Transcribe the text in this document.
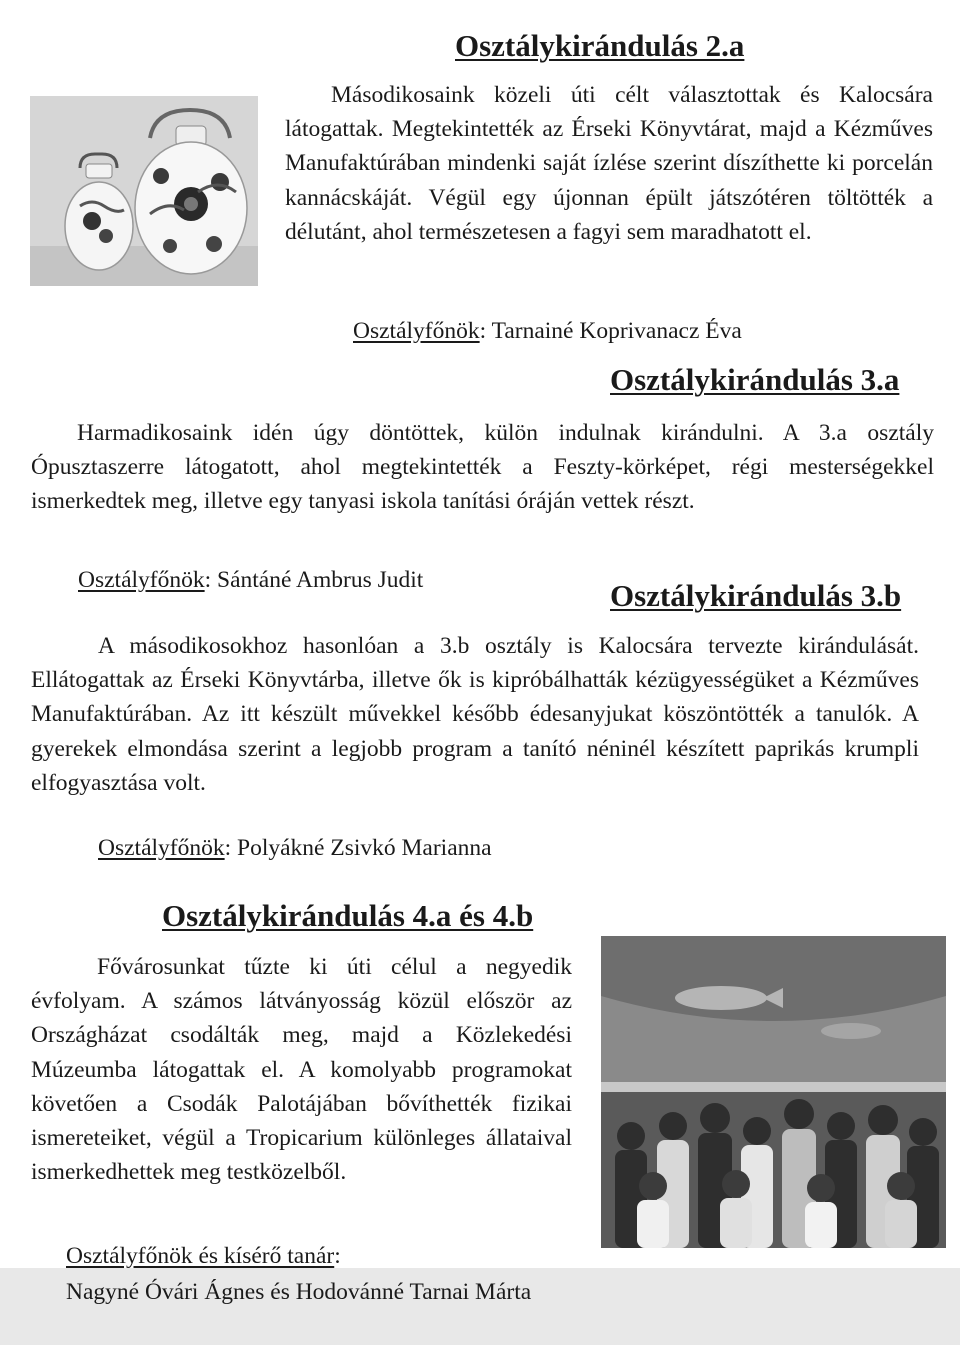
Osztálykirándulás 2.a

Másodikosaink közeli úti célt választottak és Kalocsára látogattak. Megtekintették az Érseki Könyvtárat, majd a Kézműves Manufaktúrában mindenki saját ízlése szerint díszíthette ki porcelán kannácskáját. Végül egy újonnan épült játszótéren töltötték a délutánt, ahol természetesen a fagyi sem maradhatott el.

Osztályfőnök: Tarnainé Koprivanacz Éva
Osztálykirándulás 3.a

Harmadikosaink idén úgy döntöttek, külön indulnak kirándulni. A 3.a osztály Ópusztaszerre látogatott, ahol megtekintették a Feszty-körképet, régi mesterségekkel ismerkedtek meg, illetve egy tanyasi iskola tanítási óráján vettek részt.

Osztályfőnök: Sántáné Ambrus Judit	Osztálykirándulás 3.b

A másodikosokhoz hasonlóan a 3.b osztály is Kalocsára tervezte kirándulását. Ellátogattak az Érseki Könyvtárba, illetve ők is kipróbálhatták kézügyességüket a Kézműves Manufaktúrában. Az itt készült művekkel később édesanyjukat köszöntötték a tanulók. A gyerekek elmondása szerint a legjobb program a tanító néninél készített paprikás krumpli elfogyasztása volt.

Osztályfőnök: Polyákné Zsivkó Marianna
Osztálykirándulás 4.a és 4.b

Fővárosunkat tűzte ki úti célul a negyedik évfolyam. A számos látványosság közül először az Országházat csodálták meg, majd a Közlekedési Múzeumba látogattak el. A komolyabb programokat követően a Csodák Palotájában bővíthették fizikai ismereteiket, végül a Tropicarium különleges állataival ismerkedhettek meg testközelből.

Osztályfőnök és kísérő tanár:
Nagyné Óvári Ágnes és Hodovánné Tarnai Márta
